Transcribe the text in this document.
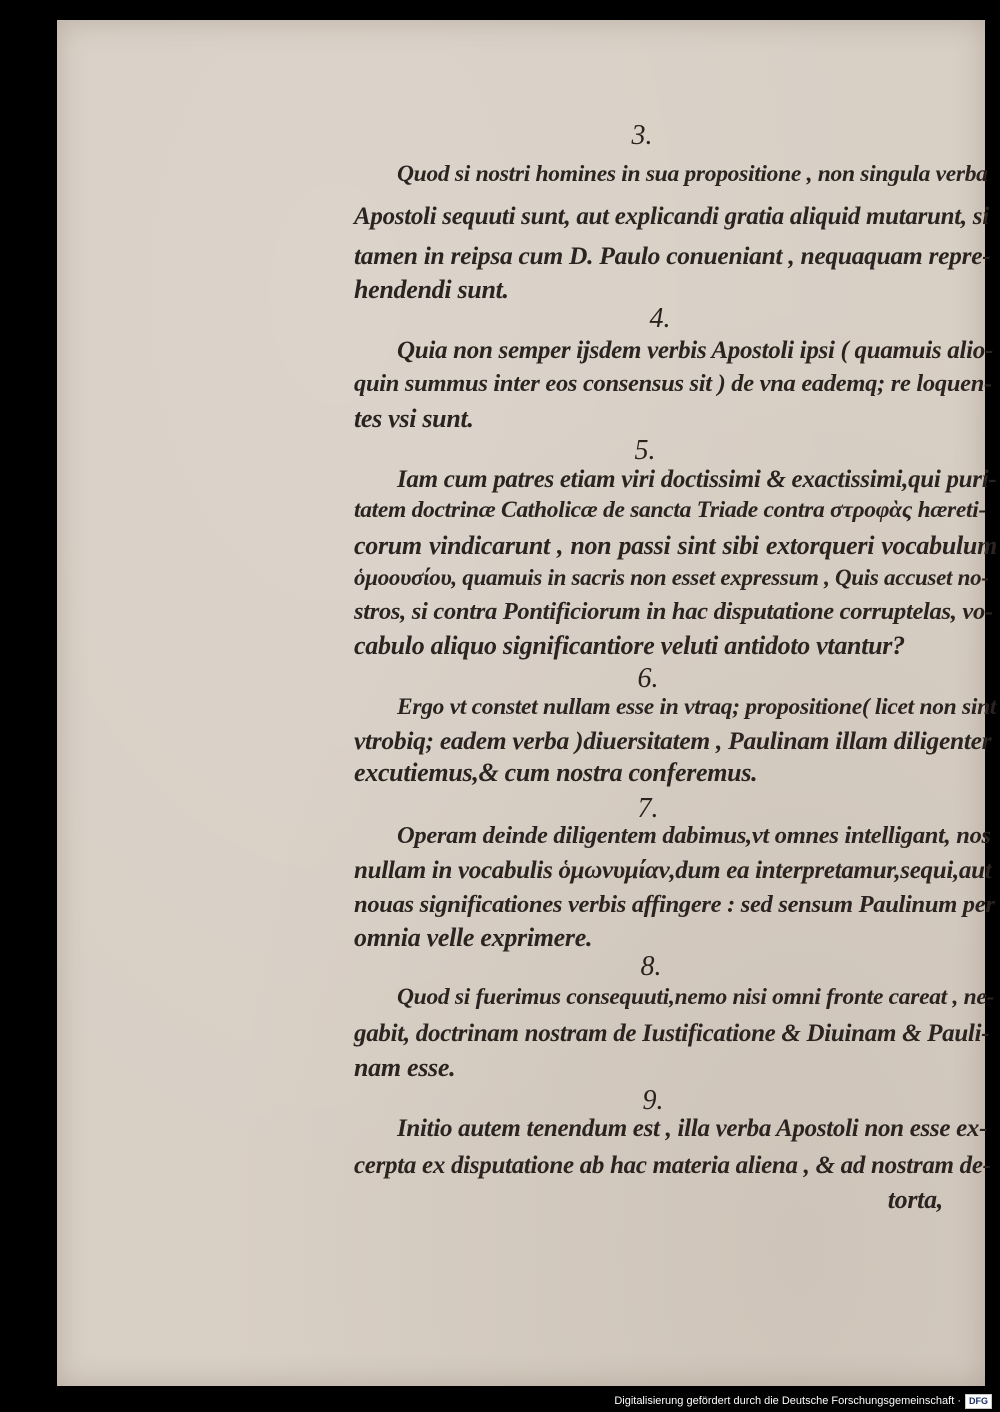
3.
Quod si nostri homines in sua propositione , non singula verba
Apostoli sequuti sunt, aut explicandi gratia aliquid mutarunt, si
tamen in reipsa cum D. Paulo conueniant , nequaquam repre-
hendendi sunt.
4.
Quia non semper ijsdem verbis Apostoli ipsi ( quamuis alio-
quin summus inter eos consensus sit ) de vna eademq; re loquen-
tes vsi sunt.
5.
Iam cum patres etiam viri doctissimi & exactissimi,qui puri-
tatem doctrinæ Catholicæ de sancta Triade contra στροφὰς hæreti-
corum vindicarunt , non passi sint sibi extorqueri vocabulum
ὁμοουσίου, quamuis in sacris non esset expressum , Quis accuset no-
stros, si contra Pontificiorum in hac disputatione corruptelas, vo-
cabulo aliquo significantiore veluti antidoto vtantur?
6.
Ergo vt constet nullam esse in vtraq; propositione( licet non sint
vtrobiq; eadem verba )diuersitatem , Paulinam illam diligenter
excutiemus,& cum nostra conferemus.
7.
Operam deinde diligentem dabimus,vt omnes intelligant, nos
nullam in vocabulis ὁμωνυμίαν,dum ea interpretamur,sequi,aut
nouas significationes verbis affingere : sed sensum Paulinum per
omnia velle exprimere.
8.
Quod si fuerimus consequuti,nemo nisi omni fronte careat , ne-
gabit, doctrinam nostram de Iustificatione & Diuinam & Pauli-
nam esse.
9.
Initio autem tenendum est , illa verba Apostoli non esse ex-
cerpta ex disputatione ab hac materia aliena , & ad nostram de-
torta,
Digitalisierung gefördert durch die Deutsche Forschungsgemeinschaft · DFG
